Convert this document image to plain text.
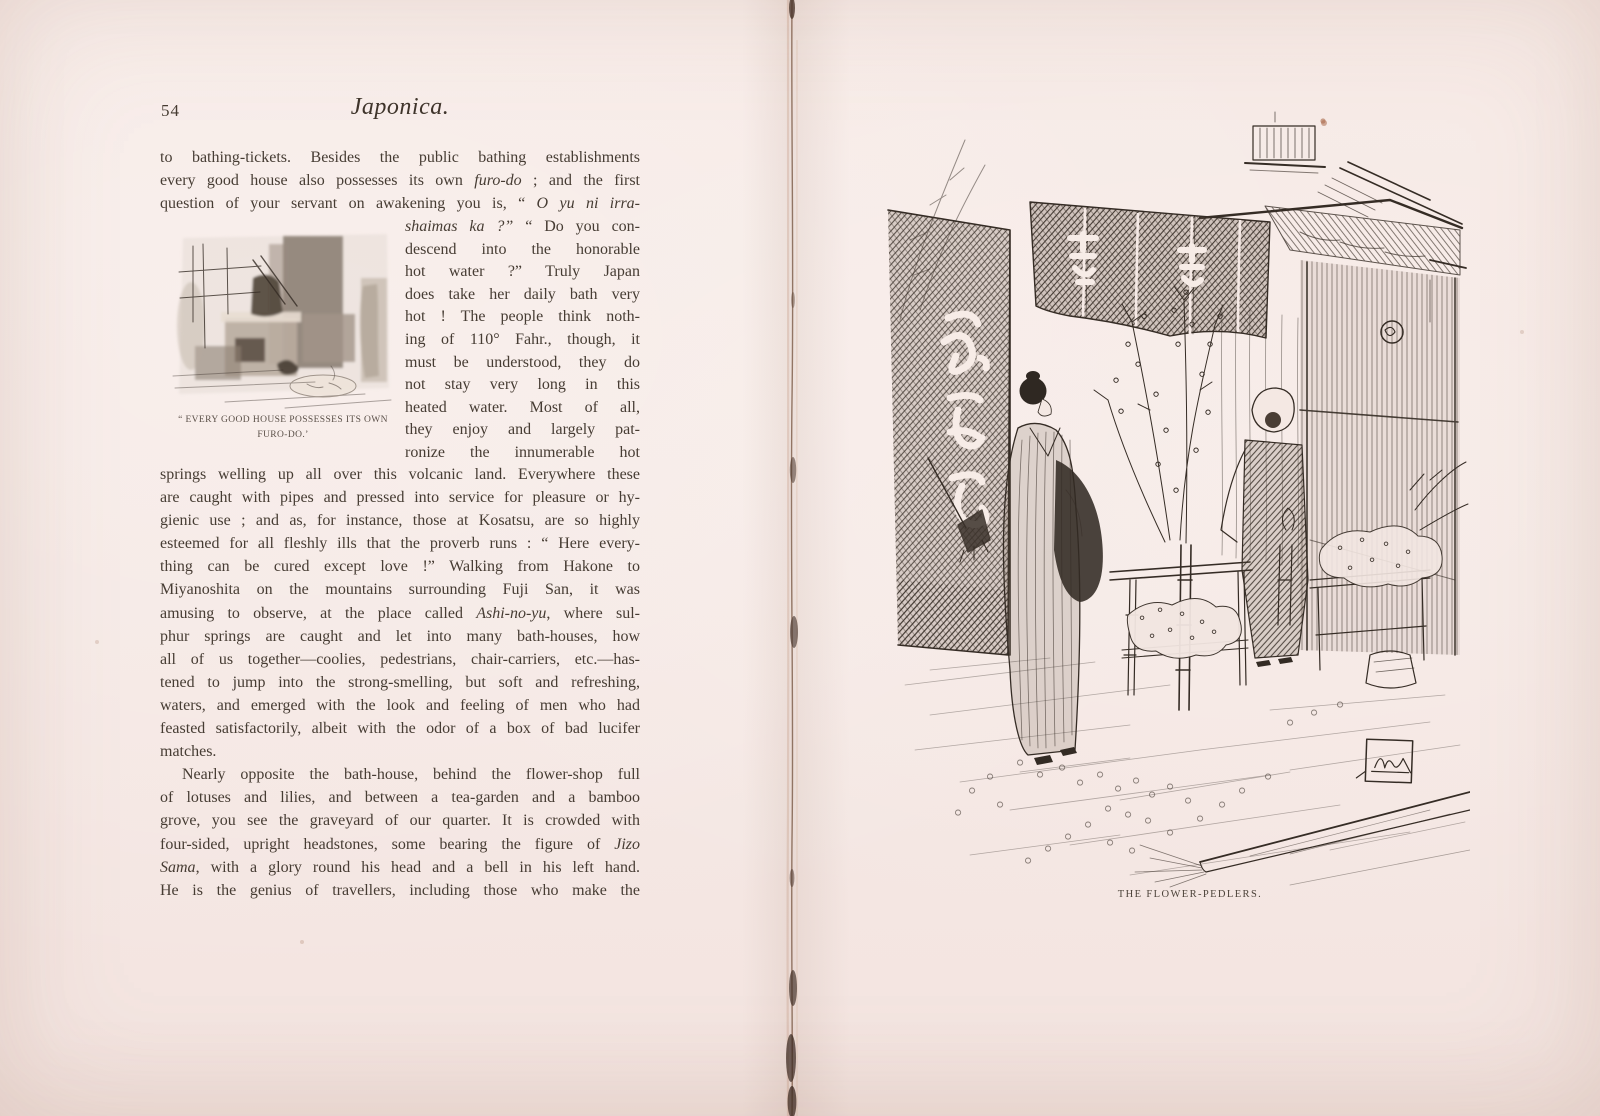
54	Japonica.
to bathing-tickets. Besides the public bathing establishments
every good house also possesses its own furo-do ; and the first
question of your servant on awakening you is, “ O yu ni irra-
“ EVERY GOOD HOUSE POSSESSES ITS OWN
FURO-DO.’
shaimas ka ?” “ Do you con-
descend into the honorable
hot water ?” Truly Japan
does take her daily bath very
hot ! The people think noth-
ing of 110° Fahr., though, it
must be understood, they do
not stay very long in this
heated water. Most of all,
they enjoy and largely pat-
ronize the innumerable hot
springs welling up all over this volcanic land. Everywhere these
are caught with pipes and pressed into service for pleasure or hy-
gienic use ; and as, for instance, those at Kosatsu, are so highly
esteemed for all fleshly ills that the proverb runs : “ Here every-
thing can be cured except love !” Walking from Hakone to
Miyanoshita on the mountains surrounding Fuji San, it was
amusing to observe, at the place called Ashi-no-yu, where sul-
phur springs are caught and let into many bath-houses, how
all of us together—coolies, pedestrians, chair-carriers, etc.—has-
tened to jump into the strong-smelling, but soft and refreshing,
waters, and emerged with the look and feeling of men who had
feasted satisfactorily, albeit with the odor of a box of bad lucifer
matches.
Nearly opposite the bath-house, behind the flower-shop full
of lotuses and lilies, and between a tea-garden and a bamboo
grove, you see the graveyard of our quarter. It is crowded with
four-sided, upright headstones, some bearing the figure of Jizo
Sama, with a glory round his head and a bell in his left hand.
He is the genius of travellers, including those who make the	THE FLOWER-PEDLERS.
